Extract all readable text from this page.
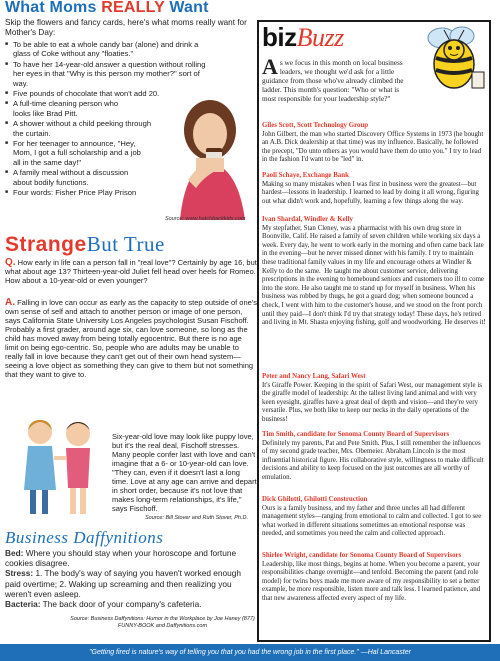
What Moms REALLY Want
Skip the flowers and fancy cards, here's what moms really want for Mother's Day:
■ To be able to eat a whole candy bar (alone) and drink a glass of Coke without any "floaties."
■ To have her 14-year-old answer a question without rolling her eyes in that "Why is this person my mother?" sort of way.
■ Five pounds of chocolate that won't add 20.
■ A full-time cleaning person who looks like Brad Pitt.
■ A shower without a child peeking through the curtain.
■ For her teenager to announce, "Hey, Mom, I got a full scholarship and a job all in the same day!"
■ A family meal without a discussion about bodily functions.
■ Four words: Fisher Price Play Prison
Source: www.hatchbackkids.com
StrangeBut True
Q. How early in life can a person fall in "real love"? Certainly by age 16, but what about age 13? Thirteen-year-old Juliet fell head over heels for Romeo. How about a 10-year-old or even younger?
A. Falling in love can occur as early as the capacity to step outside of one's own sense of self and attach to another person or image of one person, says California State University Los Angeles psychologist Susan Fischoff. Probably a first grader, around age six, can love someone, so long as the child has moved away from being totally egocentric. But there is no age limit on being ego-centric. So, people who are adults may be unable to really fall in love because they can't get out of their own head system—seeing a love object as something they can give to them but not something that they want to give to.
Six-year-old love may look like puppy love, but it's the real deal, Fischoff stresses. Many people confer last with love and can't imagine that a 6- or 10-year-old can love. "They can, even if it doesn't last a long time. Love at any age can arrive and depart in short order, because it's not love that makes long-term relationships, it's life," says Fischoff.
Source: Bill Stover and Ruth Stover, Ph.D.
Business Daffynitions
Bed: Where you should stay when your horoscope and fortune cookies disagree.
Stress: 1. The body's way of saying you haven't worked enough paid overtime; 2. Waking up screaming and then realizing you weren't even asleep.
Bacteria: The back door of your company's cafeteria.
Source: Business Daffynitions: Humor in the Workplace by Joe Haney (877) FUNNY-BOOK and Daffynitions.com
bizBuzz
A s we focus in this month on local business leaders, we thought we'd ask for a little guidance from those who've already climbed the ladder. This month's question: "Who or what is most responsible for your leadership style?"
Giles Scott, Scott Technology Group

John Gilbert, the man who started Discovery Office Systems in 1973 (he bought an A.B. Dick dealership at that time) was my influence. Basically, he followed the precept, "Do unto others as you would have them do unto you." I try to lead in the fashion I'd want to be "led" in.

Paoli Schaye, Exchange Bank

Making so many mistakes when I was first in business were the greatest—but hardest—lessons in leadership. I learned to lead by doing it all wrong, figuring out what didn't work and, hopefully, learning a few things along the way.

Ivan Shardal, Windler & Kelly

My stepfather, Stan Cleney, was a pharmacist with his own drug store in Boonville, Calif. He raised a family of seven children while working six days a week. Every day, he went to work early in the morning and often came back late in the evening—but he never missed dinner with his family. I try to maintain these traditional family values in my life and encourage others at Windler & Kelly to do the same.  He taught me about customer service, delivering prescriptions in the evening to homebound seniors and customers too ill to come into the store. He also taught me to stand up for myself in business. When his business was robbed by thugs, he got a guard dog; when someone bounced a check, I went with him to the customer's house, and we stood on the front porch until they paid—I don't think I'd try that strategy today! These days, he's retired and living in Mt. Shasta enjoying fishing, golf and woodworking. He deserves it!

Peter and Nancy Lang, Safari West

It's Giraffe Power. Keeping in the spirit of Safari West, our management style is the giraffe model of leadership: At the tallest living land animal and with very keen eyesight, giraffes have a great deal of depth and vision—and they're very versatile. Plus, we both like to keep our necks in the daily operations of the business!

Tim Smith, candidate for Sonoma County Board of Supervisors

Definitely my parents, Pat and Pete Smith. Plus, I still remember the influences of my second grade teacher, Mrs. Obemeier. Abraham Lincoln is the most influential historical figure. His collaborative style, willingness to make difficult decisions and ability to keep focused on the just outcomes are all worthy of emulation.

Dick Ghilotti, Ghilotti Construction

Ours is a family business, and my father and three uncles all had different management styles—ranging from emotional to calm and collected. I got to see what worked in different situations sometimes an emotional response was needed, and sometimes you need the calm and collected approach.

Shirlee Wright, candidate for Sonoma County Board of Supervisors

Leadership, like most things, begins at home. When you become a parent, your responsibilities change overnight—and tenfold. Becoming the parent (and role model) for twins boys made me more aware of my responsibility to set a better example, be more responsible, listen more and talk less. I learned patience, and that new awareness affected every aspect of my life.

"Getting fired is nature's way of telling you that you had the wrong job in the first place." —Hal Lancaster
